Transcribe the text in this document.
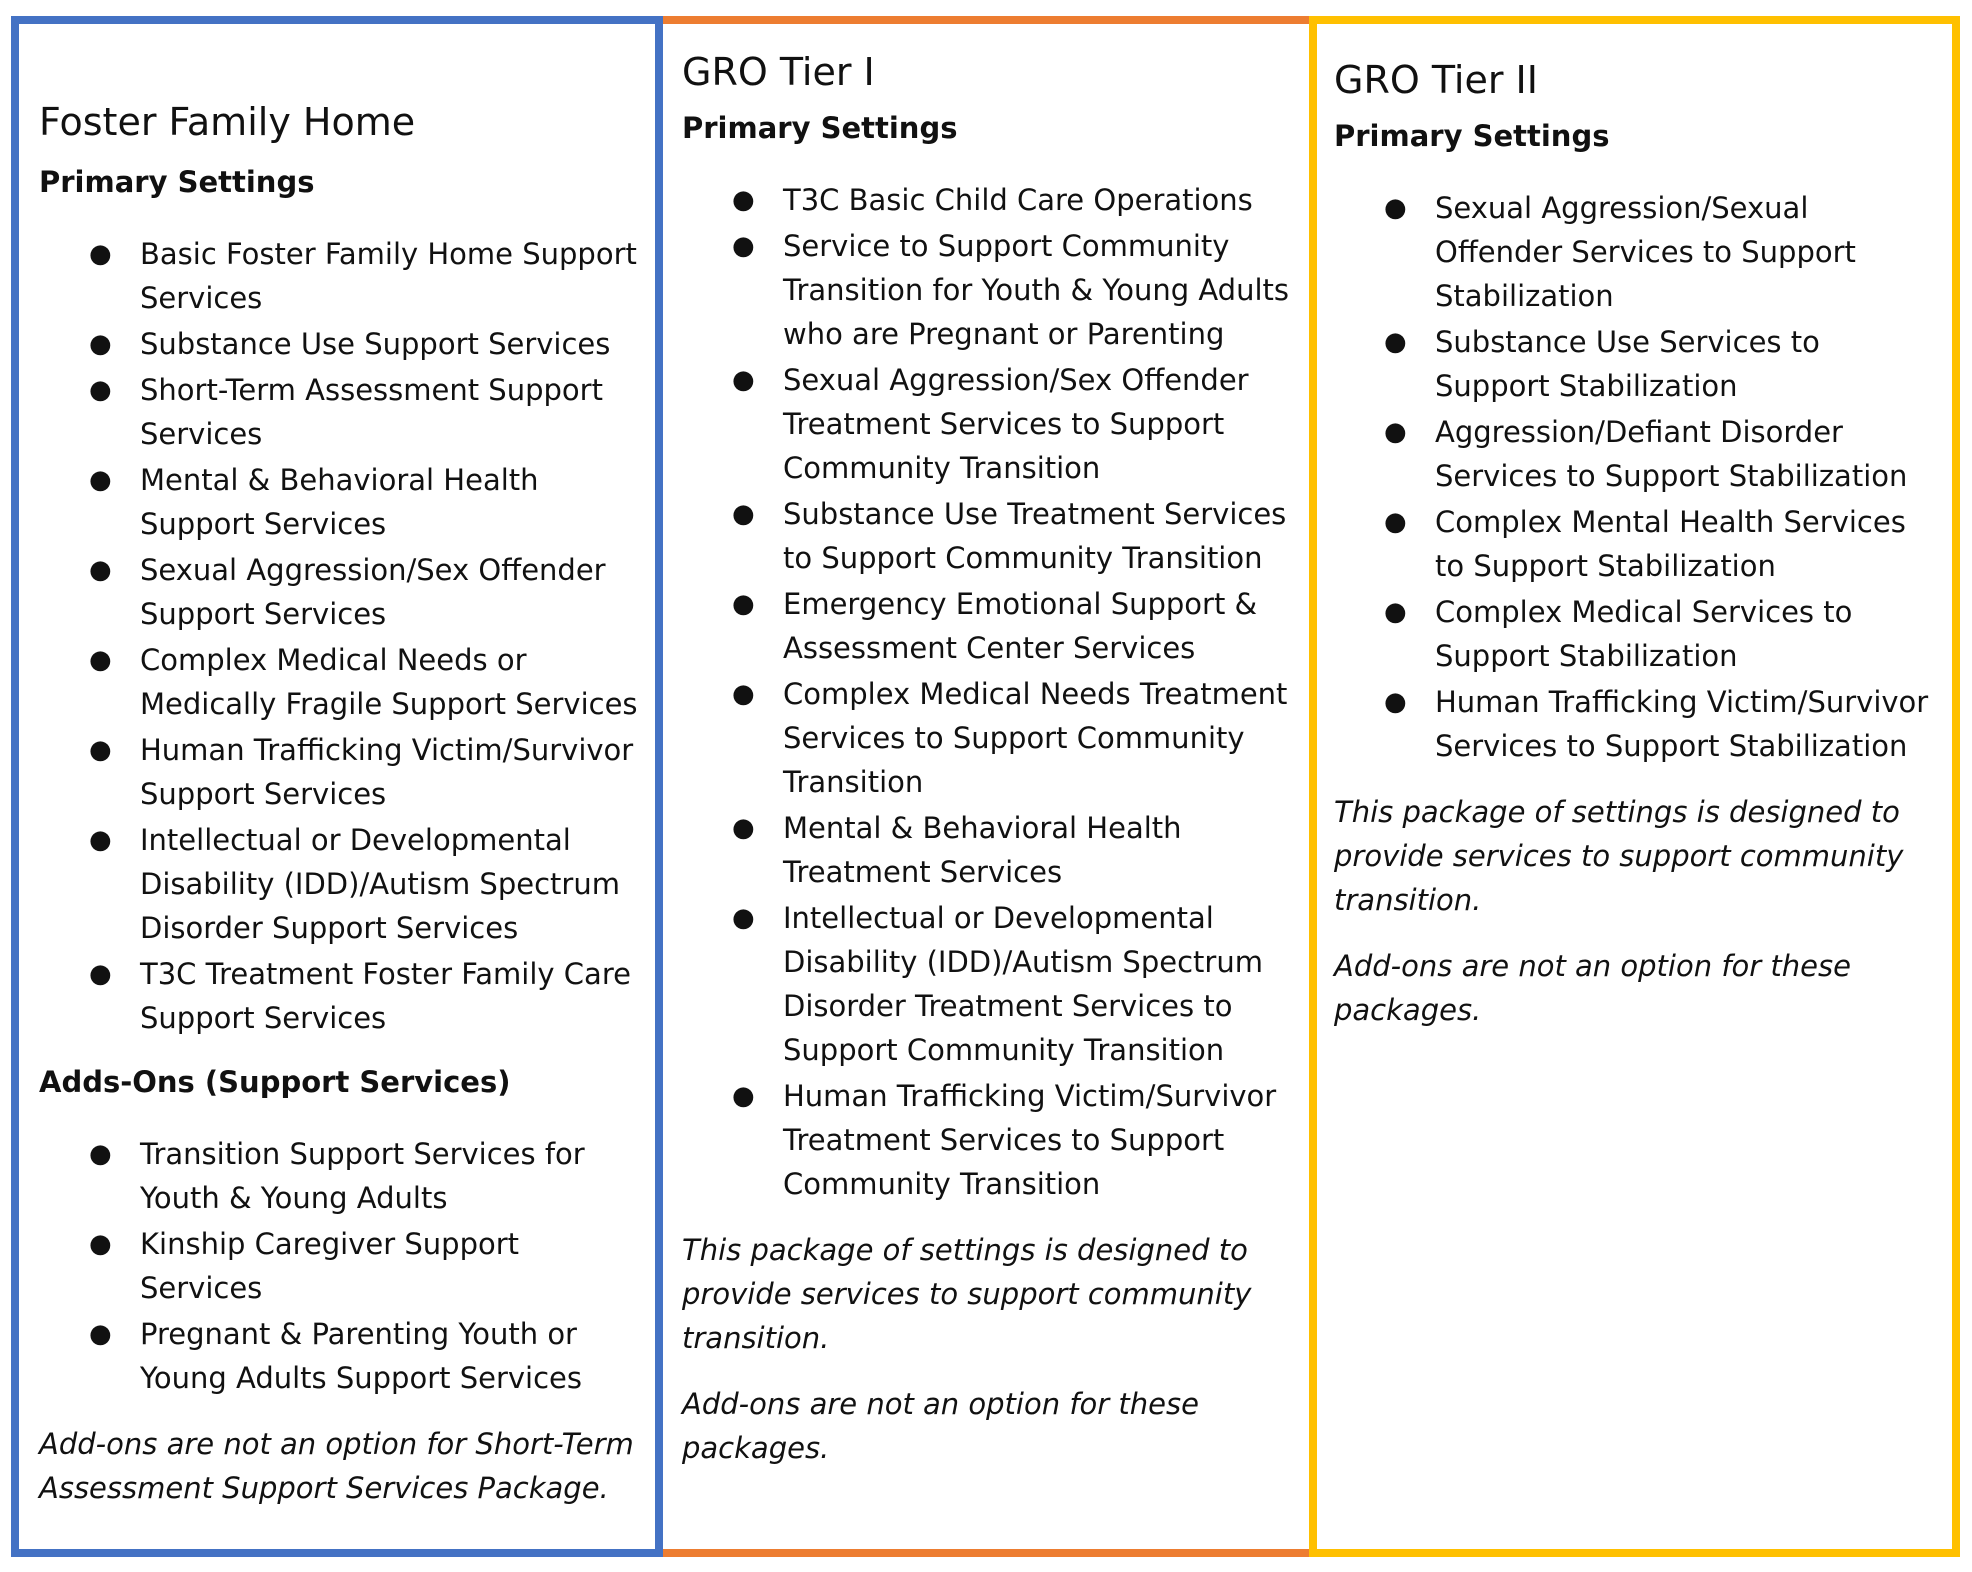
Foster Family Home
Primary Settings
● Basic Foster Family Home Support Services
● Substance Use Support Services
● Short-Term Assessment Support Services
● Mental & Behavioral Health Support Services
● Sexual Aggression/Sex Offender Support Services
● Complex Medical Needs or Medically Fragile Support Services
● Human Trafficking Victim/Survivor Support Services
● Intellectual or Developmental Disability (IDD)/Autism Spectrum Disorder Support Services
● T3C Treatment Foster Family Care Support Services
Adds-Ons (Support Services)
● Transition Support Services for Youth & Young Adults
● Kinship Caregiver Support Services
● Pregnant & Parenting Youth or Young Adults Support Services
Add-ons are not an option for Short-Term Assessment Support Services Package.
GRO Tier I
Primary Settings
● T3C Basic Child Care Operations
● Service to Support Community Transition for Youth & Young Adults who are Pregnant or Parenting
● Sexual Aggression/Sex Offender Treatment Services to Support Community Transition
● Substance Use Treatment Services to Support Community Transition
● Emergency Emotional Support & Assessment Center Services
● Complex Medical Needs Treatment Services to Support Community Transition
● Mental & Behavioral Health Treatment Services
● Intellectual or Developmental Disability (IDD)/Autism Spectrum Disorder Treatment Services to Support Community Transition
● Human Trafficking Victim/Survivor Treatment Services to Support Community Transition
This package of settings is designed to provide services to support community transition.
Add-ons are not an option for these packages.
GRO Tier II
Primary Settings
● Sexual Aggression/Sexual Offender Services to Support Stabilization
● Substance Use Services to Support Stabilization
● Aggression/Defiant Disorder Services to Support Stabilization
● Complex Mental Health Services to Support Stabilization
● Complex Medical Services to Support Stabilization
● Human Trafficking Victim/Survivor Services to Support Stabilization
This package of settings is designed to provide services to support community transition.
Add-ons are not an option for these packages.
